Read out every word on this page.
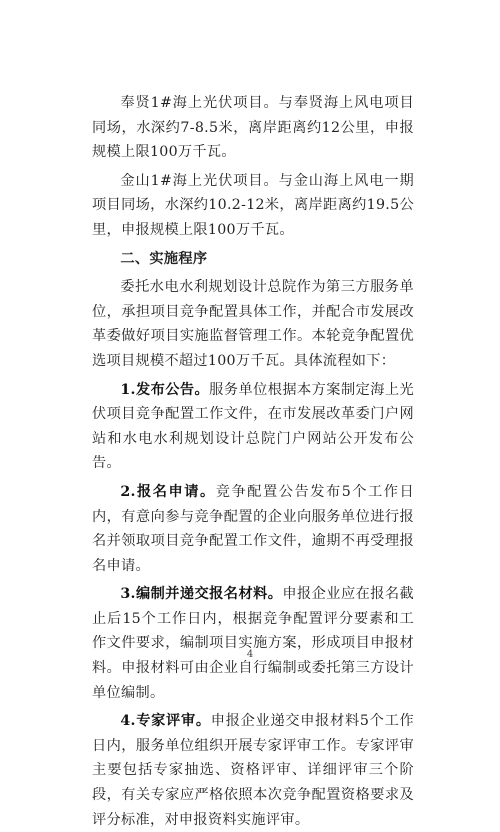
奉贤1#海上光伏项目。与奉贤海上风电项目同场，水深约7-8.5米，离岸距离约12公里，申报规模上限100万千瓦。

金山1#海上光伏项目。与金山海上风电一期项目同场，水深约10.2-12米，离岸距离约19.5公里，申报规模上限100万千瓦。

二、实施程序

委托水电水利规划设计总院作为第三方服务单位，承担项目竞争配置具体工作，并配合市发展改革委做好项目实施监督管理工作。本轮竞争配置优选项目规模不超过100万千瓦。具体流程如下：

1.发布公告。服务单位根据本方案制定海上光伏项目竞争配置工作文件，在市发展改革委门户网站和水电水利规划设计总院门户网站公开发布公告。

2.报名申请。竞争配置公告发布5个工作日内，有意向参与竞争配置的企业向服务单位进行报名并领取项目竞争配置工作文件，逾期不再受理报名申请。

3.编制并递交报名材料。申报企业应在报名截止后15个工作日内，根据竞争配置评分要素和工作文件要求，编制项目实施方案，形成项目申报材料。申报材料可由企业自行编制或委托第三方设计单位编制。

4.专家评审。申报企业递交申报材料5个工作日内，服务单位组织开展专家评审工作。专家评审主要包括专家抽选、资格评审、详细评审三个阶段，有关专家应严格依照本次竞争配置资格要求及评分标准，对申报资料实施评审。

4
